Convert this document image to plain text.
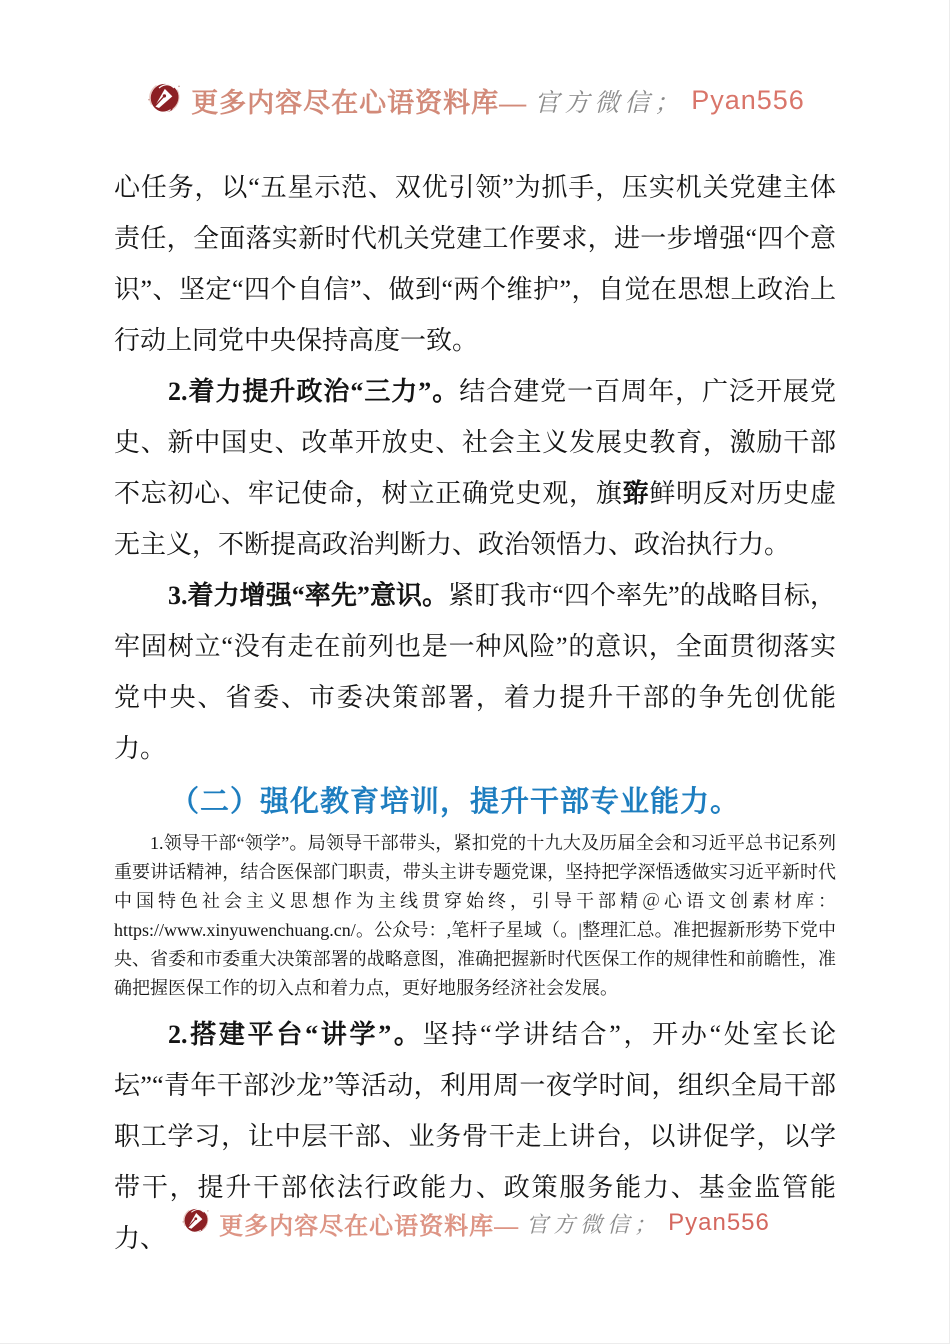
更多内容尽在心语资料库— 官方微信； Pyan556

心任务，以“五星示范、双优引领”为抓手，压实机关党建主体责任，全面落实新时代机关党建工作要求，进一步增强“四个意识”、坚定“四个自信”、做到“两个维护”，自觉在思想上政治上行动上同党中央保持高度一致。

2.着力提升政治“三力”。结合建党一百周年，广泛开展党史、新中国史、改革开放史、社会主义发展史教育，激励干部不忘初心、牢记使命，树立正确党史观，旗臶鲜明反对历史虚无主义，不断提高政治判断力、政治领悟力、政治执行力。

3.着力增强“率先”意识。紧盯我市“四个率先”的战略目标，牢固树立“没有走在前列也是一种风险”的意识，全面贯彻落实党中央、省委、市委决策部署，着力提升干部的争先创优能力。

（二）强化教育培训，提升干部专业能力。

1.领导干部“领学”。局领导干部带头，紧扣党的十九大及历届全会和习近平总书记系列重要讲话精神，结合医保部门职责，带头主讲专题党课，坚持把学深悟透做实习近平新时代中国特色社会主义思想作为主线贯穿始终，引导干部精＠心语文创素材库：https://www.xinyuwenchuang.cn/。公众号：,笔杆子星域（。|整理汇总。准把握新形势下党中央、省委和市委重大决策部署的战略意图，准确把握新时代医保工作的规律性和前瞻性，准确把握医保工作的切入点和着力点，更好地服务经济社会发展。

2.搭建平台“讲学”。坚持“学讲结合”，开办“处室长论坛”“青年干部沙龙”等活动，利用周一夜学时间，组织全局干部职工学习，让中层干部、业务骨干走上讲台，以讲促学，以学带干，提升干部依法行政能力、政策服务能力、基金监管能力、	更多内容尽在心语资料库— 官方微信； Pyan556
